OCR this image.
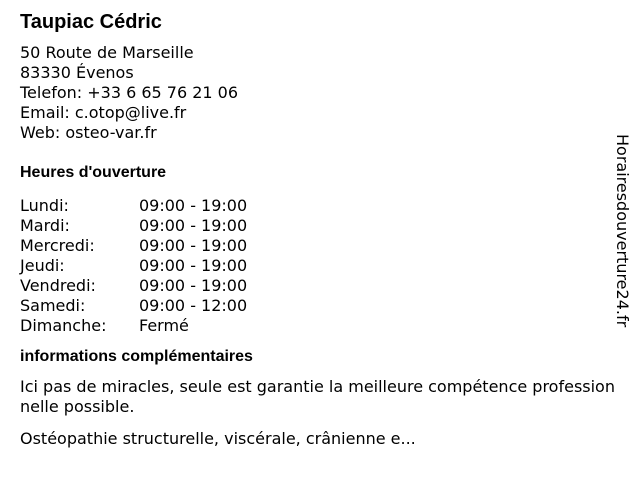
Taupiac Cédric

50 Route de Marseille

83330 Évenos

Telefon: +33 6 65 76 21 06

Email: c.otop@live.fr

Web: osteo-var.fr

Heures d'ouverture
Lundi:	09:00 - 19:00
Mardi:	09:00 - 19:00
Mercredi:	09:00 - 19:00
Jeudi:	09:00 - 19:00
Vendredi:	09:00 - 19:00
Samedi:	09:00 - 12:00
Dimanche:	Fermé
informations complémentaires

Ici pas de miracles, seule est garantie la meilleure compétence professionnelle possible.

Ostéopathie structurelle, viscérale, crânienne e...

Horairesdouverture24.fr
